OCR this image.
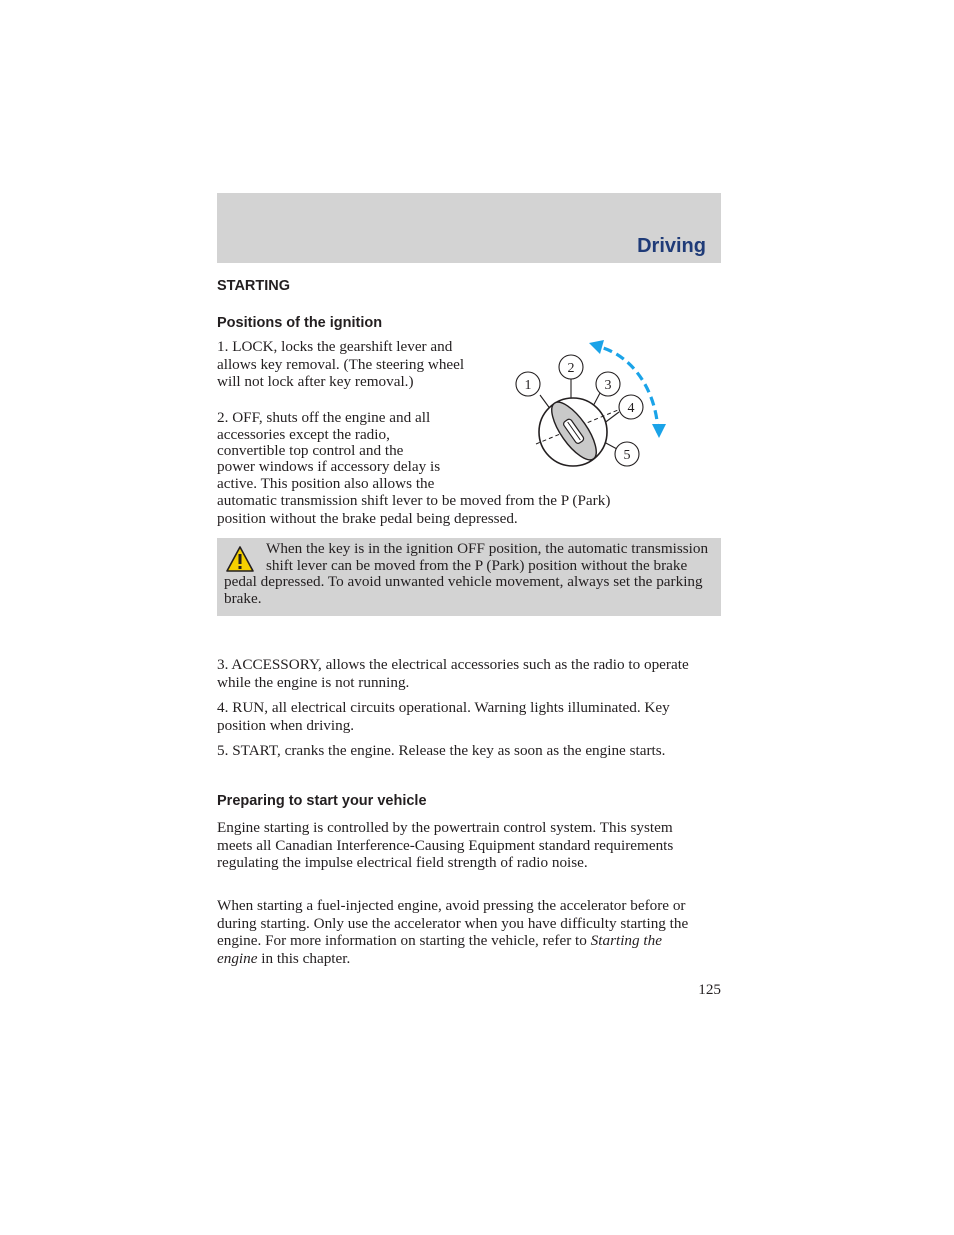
Driving
STARTING
Positions of the ignition

1. LOCK, locks the gearshift lever and allows key removal. (The steering wheel will not lock after key removal.)

2. OFF, shuts off the engine and all

accessories except the radio,

convertible top control and the

power windows if accessory delay is

active. This position also allows the

automatic transmission shift lever to be moved from the P (Park)

position without the brake pedal being depressed.

1
2
3
4
5

When the key is in the ignition OFF position, the automatic transmission shift lever can be moved from the P (Park) position without the brake pedal depressed. To avoid unwanted vehicle movement, always set the parking brake.

3. ACCESSORY, allows the electrical accessories such as the radio to operate while the engine is not running.

4. RUN, all electrical circuits operational. Warning lights illuminated. Key position when driving.

5. START, cranks the engine. Release the key as soon as the engine starts.

Preparing to start your vehicle

Engine starting is controlled by the powertrain control system. This system meets all Canadian Interference-Causing Equipment standard requirements regulating the impulse electrical field strength of radio noise.

When starting a fuel-injected engine, avoid pressing the accelerator before or during starting. Only use the accelerator when you have difficulty starting the engine. For more information on starting the vehicle, refer to Starting the engine in this chapter.

125
